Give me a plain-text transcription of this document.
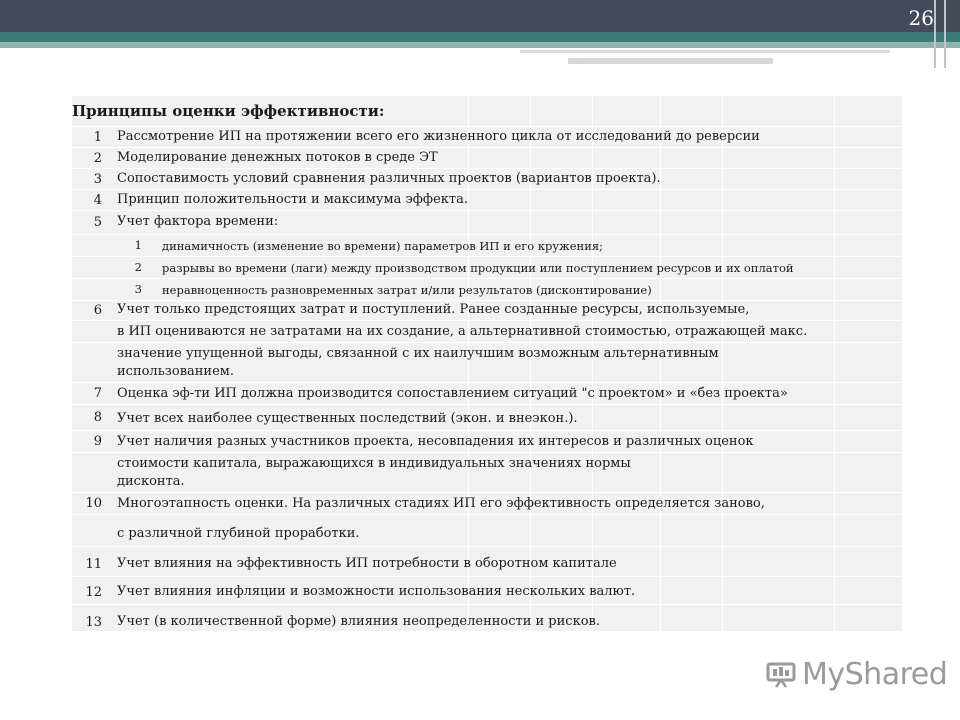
26
Принципы оценки эффективности:
1 Рассмотрение ИП на протяжении всего его жизненного цикла от исследований до реверсии
2 Моделирование денежных потоков в среде ЭТ
3 Сопоставимость условий сравнения различных проектов (вариантов проекта).
4 Принцип положительности и максимума эффекта.
5 Учет фактора времени:
1 динамичность (изменение во времени) параметров ИП и его кружения;
2 разрывы во времени (лаги) между производством продукции или поступлением ресурсов и их оплатой
3 неравноценность разновременных затрат и/или результатов (дисконтирование)
6 Учет только предстоящих затрат и поступлений. Ранее созданные ресурсы, используемые,
в ИП оцениваются не затратами на их создание, а альтернативной стоимостью, отражающей макс.
значение упущенной выгоды, связанной с их наилучшим возможным альтернативным
использованием.
7 Оценка эф-ти ИП должна производится сопоставлением ситуаций "с проектом» и «без проекта»
8 Учет всех наиболее существенных последствий (экон. и внеэкон.).
9 Учет наличия разных участников проекта, несовпадения их интересов и различных оценок
стоимости капитала, выражающихся в индивидуальных значениях нормы
дисконта.
10 Многоэтапность оценки. На различных стадиях ИП его эффективность определяется заново,
с различной глубиной проработки.
11 Учет влияния на эффективность ИП потребности в оборотном капитале
12 Учет влияния инфляции и возможности использования нескольких валют.
13 Учет (в количественной форме) влияния неопределенности и рисков.
MyShared
